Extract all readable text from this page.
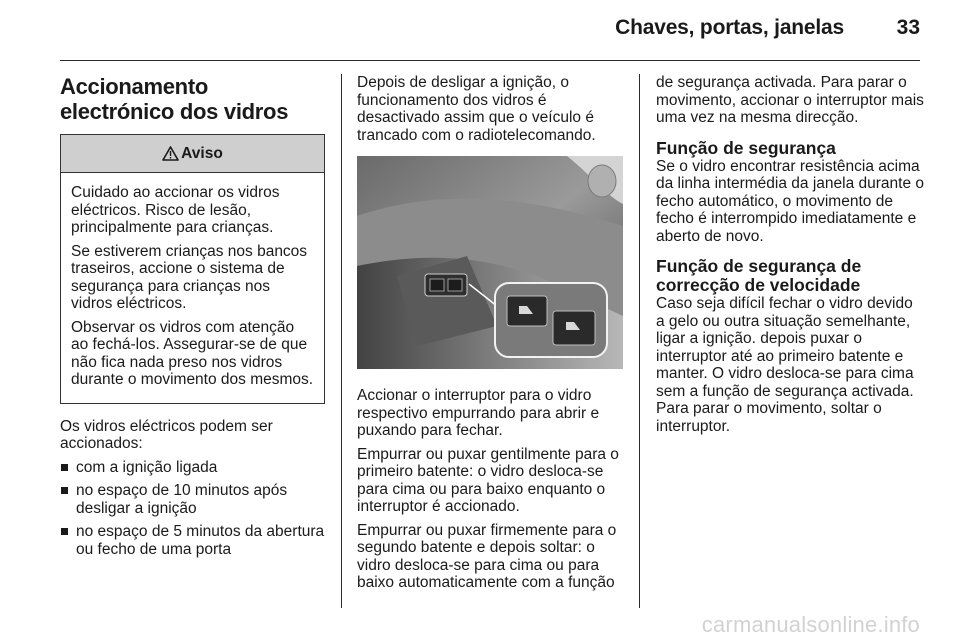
Chaves, portas, janelas	33
Accionamento electrónico dos vidros
Aviso

Cuidado ao accionar os vidros eléctricos. Risco de lesão, principalmente para crianças.

Se estiverem crianças nos bancos traseiros, accione o sistema de segurança para crianças nos vidros eléctricos.

Observar os vidros com atenção ao fechá-los. Assegurar-se de que não fica nada preso nos vidros durante o movimento dos mesmos.

Os vidros eléctricos podem ser accionados:

com a ignição ligada
no espaço de 10 minutos após desligar a ignição
no espaço de 5 minutos da abertura ou fecho de uma porta

Depois de desligar a ignição, o funcionamento dos vidros é desactivado assim que o veículo é trancado com o radiotelecomando.

Accionar o interruptor para o vidro respectivo empurrando para abrir e puxando para fechar.

Empurrar ou puxar gentilmente para o primeiro batente: o vidro desloca-se para cima ou para baixo enquanto o interruptor é accionado.

Empurrar ou puxar firmemente para o segundo batente e depois soltar: o vidro desloca-se para cima ou para baixo automaticamente com a função

de segurança activada. Para parar o movimento, accionar o interruptor mais uma vez na mesma direcção.

Função de segurança

Se o vidro encontrar resistência acima da linha intermédia da janela durante o fecho automático, o movimento de fecho é interrompido imediatamente e aberto de novo.

Função de segurança de correcção de velocidade

Caso seja difícil fechar o vidro devido a gelo ou outra situação semelhante, ligar a ignição. depois puxar o interruptor até ao primeiro batente e manter. O vidro desloca-se para cima sem a função de segurança activada. Para parar o movimento, soltar o interruptor.

carmanualsonline.info
